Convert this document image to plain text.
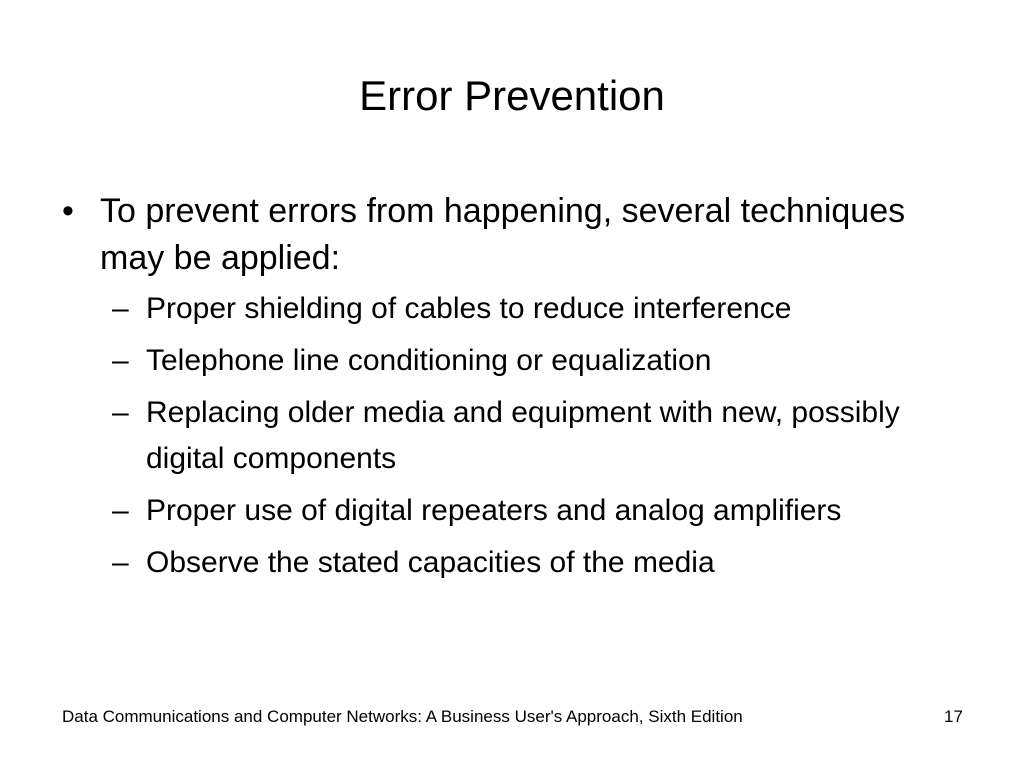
Error Prevention
• To prevent errors from happening, several techniques may be applied:
– Proper shielding of cables to reduce interference
– Telephone line conditioning or equalization
– Replacing older media and equipment with new, possibly digital components
– Proper use of digital repeaters and analog amplifiers
– Observe the stated capacities of the media
Data Communications and Computer Networks: A Business User's Approach, Sixth Edition	17
